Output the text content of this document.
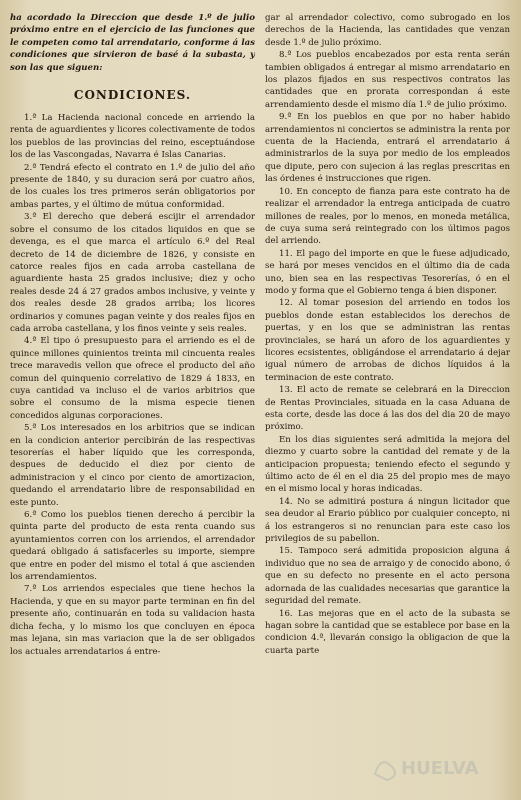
ha acordado la Direccion que desde 1.º de julio próximo entre en el ejercicio de las funciones que le competen como tal arrendatario, conforme á las condiciones que sirvieron de basé á la subasta, y son las que siguen:

CONDICIONES.

1.ª La Hacienda nacional concede en arriendo la renta de aguardientes y licores colectivamente de todos los pueblos de las provincias del reino, esceptuándose los de las Vascongadas, Navarra é Islas Canarias.

2.ª Tendrá efecto el contrato en 1.º de julio del año presente de 1840, y su duracion será por cuatro años, de los cuales los tres primeros serán obligatorios por ambas partes, y el último de mútua conformidad.

3.ª El derecho que deberá esсijir el arrendador sobre el consumo de los citados liquidos en que se devenga, es el que marca el artículo 6.º del Real decreto de 14 de diciembre de 1826, y consiste en catorce reales fijos en cada arroba castellana de aguardiente hasta 25 grados inclusive; diez y ocho reales desde 24 á 27 grados ambos inclusive, y veinte y dos reales desde 28 grados arriba; los licores ordinarios y comunes pagan veinte y dos reales fijos en cada arroba castellana, y los finos veinte y seis reales.

4.ª El tipo ó presupuesto para el arriendo es el de quince millones quinientos treinta mil cincuenta reales trece maravedis vellon que ofrece el producto del año comun del quinquenio correlativo de 1829 á 1833, en cuya cantidad va incluso el de varios arbitrios que sobre el consumo de la misma especie tienen concedidos algunas corporaciones.

5.ª Los interesados en los arbitrios que se indican en la condicion anterior percibirán de las respectivas tesorerías el haber líquido que les corresponda, despues de deducido el diez por ciento de administracion y el cinco por ciento de amortizacion, quedando el arrendatario libre de responsabilidad en este punto.

6.ª Como los pueblos tienen derecho á percibir la quinta parte del producto de esta renta cuando sus ayuntamientos corren con los arriendos, el arrendador quedará obligado á satisfacerles su importe, siempre que entre en poder del mismo el total á que ascienden los arrendamientos.

7.ª Los arriendos especiales que tiene hechos la Hacienda, y que en su mayor parte terminan en fin del presente año, continuarán en toda su validacion hasta dicha fecha, y lo mismo los que concluyen en época mas lejana, sin mas variacion que la de ser obligados los actuales arrendatarios á entre-

gar al arrendador colectivo, como subrogado en los derechos de la Hacienda, las cantidades que venzan desde 1.º de julio próximo.

8.ª Los pueblos encabezados por esta renta serán tambien obligados á entregar al mismo arrendatario en los plazos fijados en sus respectivos contratos las cantidades que en prorata correspondan á este arrendamiento desde el mismo día 1.º de julio próximo.

9.ª En los pueblos en que por no haber habido arrendamientos ni conciertos se administra la renta por cuenta de la Hacienda, entrará el arrendatario á administrarlos de la suya por medio de los empleados que dipute, pero con sujecion á las reglas prescritas en las órdenes é instrucciones que rigen.

10. En concepto de fianza para este contrato ha de realizar el arrendador la entrega anticipada de cuatro millones de reales, por lo menos, en moneda metálica, de cuya suma será reintegrado con los últimos pagos del arriendo.

11. El pago del importe en que le fuese adjudicado, se hará por meses vencidos en el último dia de cada uno, bien sea en las respectivas Tesorerías, ó en el modo y forma que el Gobierno tenga á bien disponer.

12. Al tomar posesion del arriendo en todos los pueblos donde estan establecidos los derechos de puertas, y en los que se administran las rentas provinciales, se hará un aforo de los aguardientes y licores ecsistentes, obligándose el arrendatario á dejar igual número de arrobas de dichos líquidos á la terminacion de este contrato.

13. El acto de remate se celebrará en la Direccion de Rentas Provinciales, situada en la casa Aduana de esta corte, desde las doce á las dos del dia 20 de mayo próximo.

En los dias siguientes será admitida la mejora del diezmo y cuarto sobre la cantidad del remate y de la anticipacion propuesta; teniendo efecto el segundo y último acto de él en el dia 25 del propio mes de mayo en el mismo local y horas indicadas.

14. No se admitirá postura á ningun licitador que sea deudor al Erario público por cualquier concepto, ni á los estrangeros si no renuncian para este caso los privilegios de su pabellon.

15. Tampoco será admitida proposicion alguna á individuo que no sea de arraigo y de conocido abono, ó que en su defecto no presente en el acto persona adornada de las cualidades necesarias que garantice la seguridad del remate.

16. Las mejoras que en el acto de la subasta se hagan sobre la cantidad que se establece por base en la condicion 4.ª, llevarán consigo la obligacion de que la cuarta parte

HUELVA
